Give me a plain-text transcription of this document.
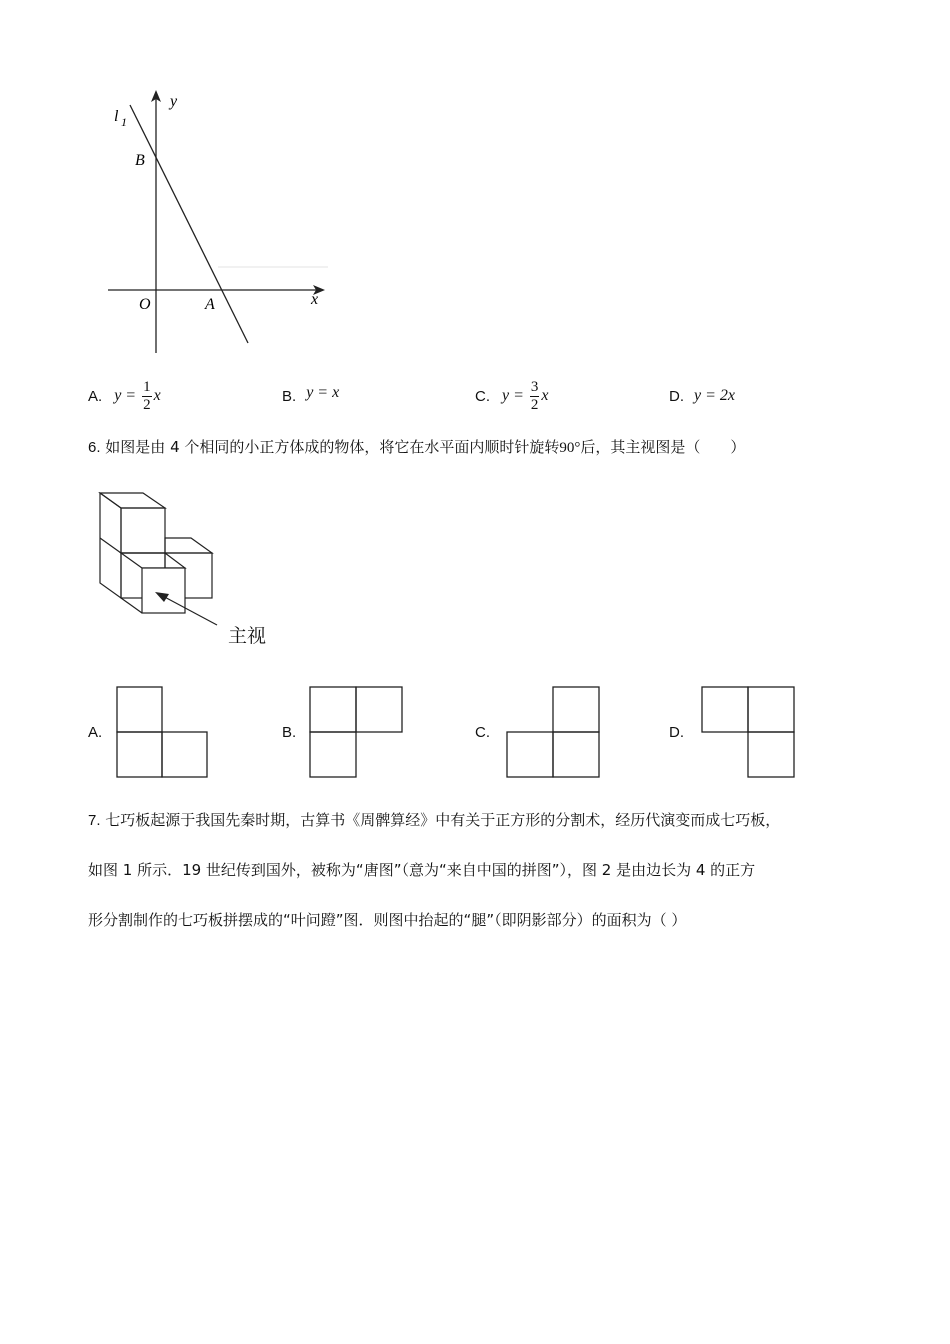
y
x
l 1
B
O	A
A. $y = \frac{1}{2}$ x	B. y = x	C. $y = \frac{3}{2}$ x	D. y = 2x
6. 如图是由 4 个相同的小正方体成的物体，将它在水平面内顺时针旋转90°后，其主视图是（　　）
主视
A.	B.	C.	D.
7. 七巧板起源于我国先秦时期，古算书《周髀算经》中有关于正方形的分割术，经历代演变而成七巧板，
如图 1 所示．19 世纪传到国外，被称为“唐图”（意为“来自中国的拼图”），图 2 是由边长为 4 的正方
形分割制作的七巧板拼摆成的“叶问蹬”图．则图中抬起的“腿”（即阴影部分）的面积为（ ）
